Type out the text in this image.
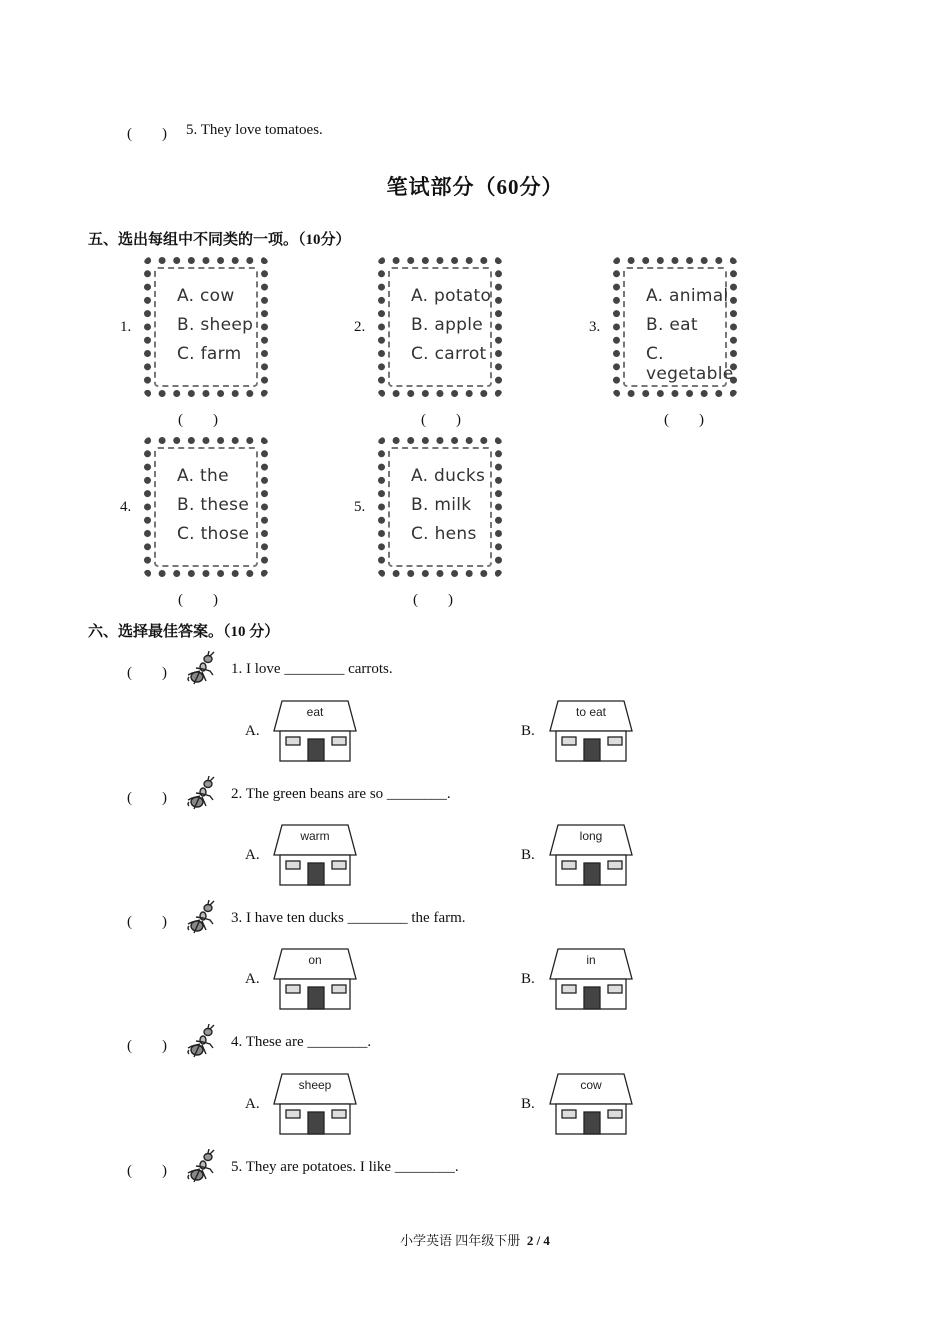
(　　) 5. They love tomatoes.
笔试部分（60分）
五、选出每组中不同类的一项。（10分）
1.
A. cow
B. sheep
C. farm
(　　)
2.
A. potato
B. apple
C. carrot
(　　)
3.
A. animal
B. eat
C. vegetable
(　　)
4.
A. the
B. these
C. those
(　　)
5.
A. ducks
B. milk
C. hens
(　　)
六、选择最佳答案。（10 分）
(　　)	1. I love ________ carrots.
A.
eat
B.
to eat
(　　)	2. The green beans are so ________.
A.
warm
B.
long
(　　)	3. I have ten ducks ________ the farm.
A.
on
B.
in
(　　)	4. These are ________.
A.
sheep
B.
cow
(　　)	5. They are potatoes. I like ________.
小学英语 四年级下册 2 / 4
